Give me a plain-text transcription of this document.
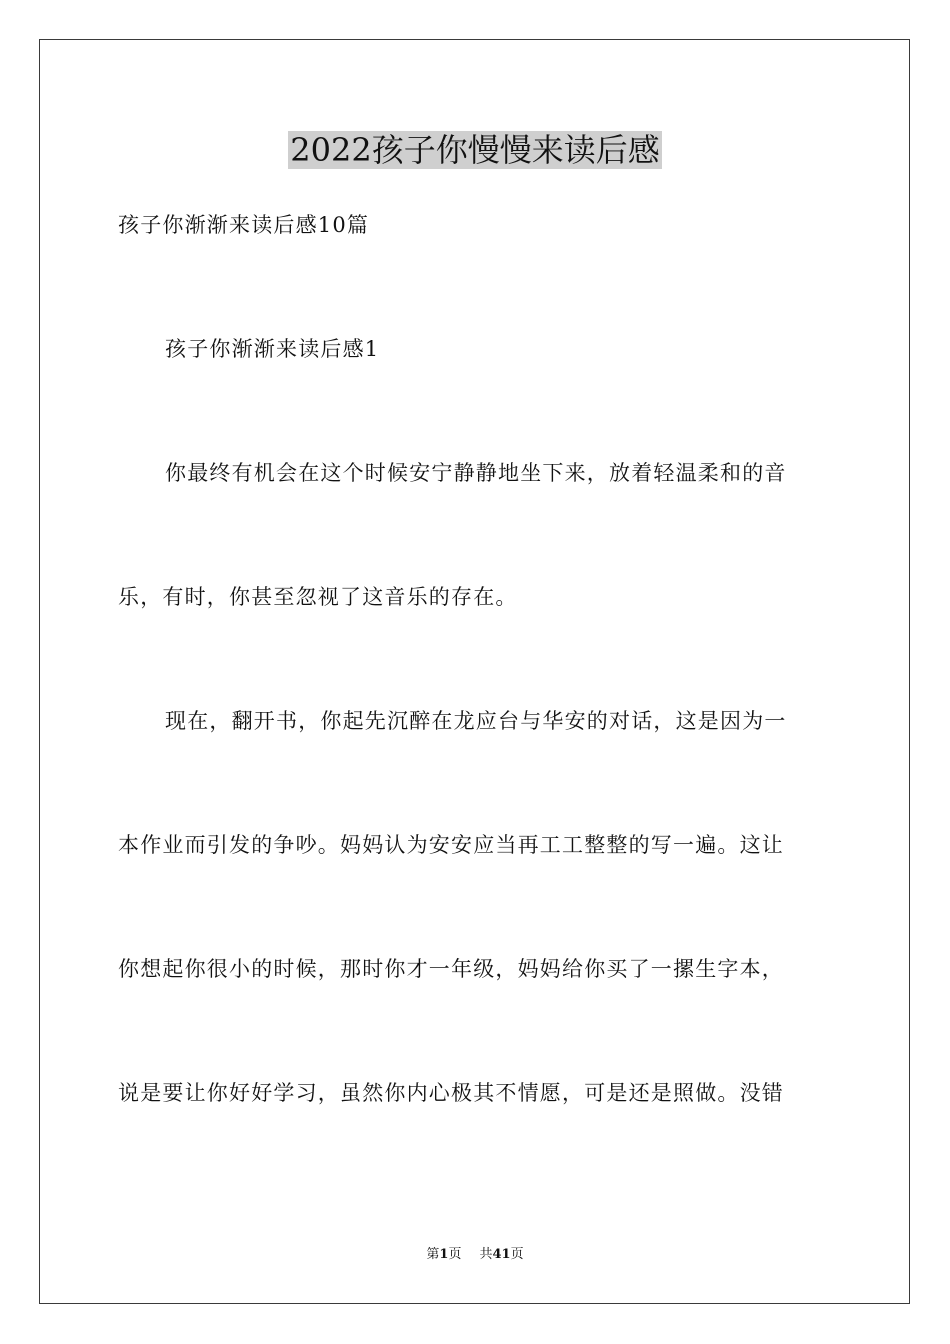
2022孩子你慢慢来读后感
孩子你渐渐来读后感10篇
孩子你渐渐来读后感1
你最终有机会在这个时候安宁静静地坐下来，放着轻温柔和的音
乐，有时，你甚至忽视了这音乐的存在。
现在，翻开书，你起先沉醉在龙应台与华安的对话，这是因为一
本作业而引发的争吵。妈妈认为安安应当再工工整整的写一遍。这让
你想起你很小的时候，那时你才一年级，妈妈给你买了一摞生字本，
说是要让你好好学习，虽然你内心极其不情愿，可是还是照做。没错
第1页 共41页
